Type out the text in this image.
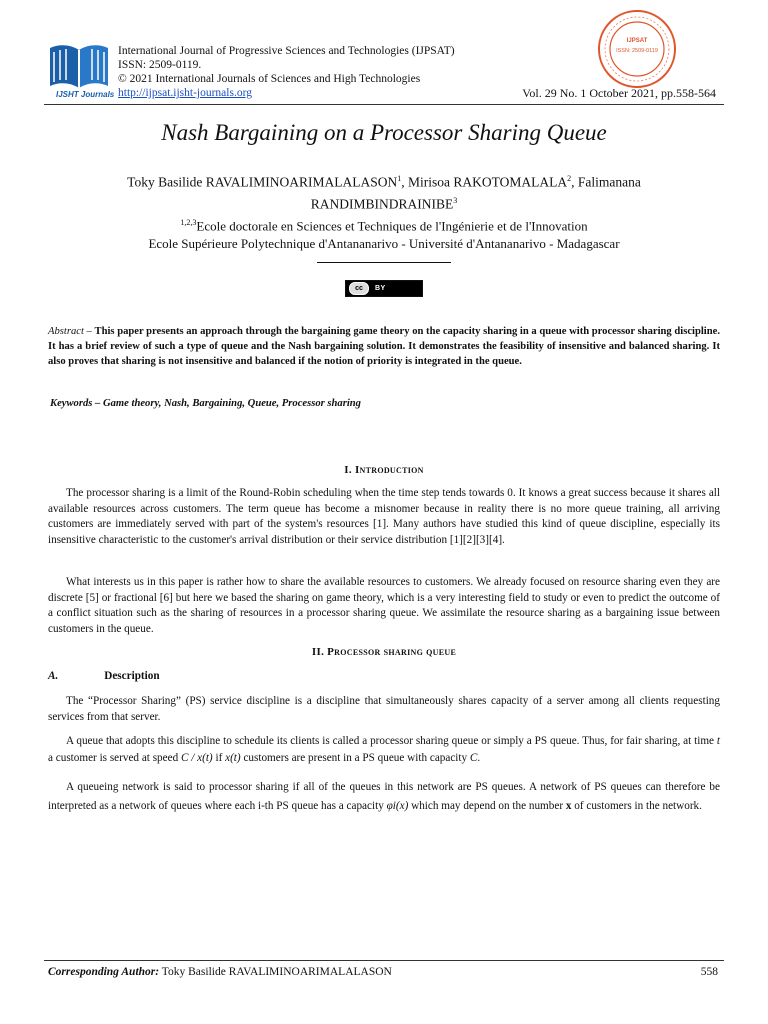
IJSHT Journals
International Journal of Progressive Sciences and Technologies (IJPSAT)
ISSN: 2509-0119.
© 2021 International Journals of Sciences and High Technologies
http://ijpsat.ijsht-journals.org	Vol. 29 No. 1 October 2021, pp.558-564
IJPSAT
ISSN: 2509-0119
Nash Bargaining on a Processor Sharing Queue
Toky Basilide RAVALIMINOARIMALALASON$^1$, Mirisoa RAKOTOMALALA$^2$, Falimanana
RANDIMBINDRAINIBE$^3$
$^{1,2,3}$Ecole doctorale en Sciences et Techniques de l'Ingénierie et de l'Innovation
Ecole Supérieure Polytechnique d'Antananarivo - Université d'Antananarivo - Madagascar
cc	BY
Abstract – This paper presents an approach through the bargaining game theory on the capacity sharing in a queue with processor sharing discipline. It has a brief review of such a type of queue and the Nash bargaining solution. It demonstrates the feasibility of insensitive and balanced sharing. It also proves that sharing is not insensitive and balanced if the notion of priority is integrated in the queue.
Keywords – Game theory, Nash, Bargaining, Queue, Processor sharing
I. Introduction
The processor sharing is a limit of the Round-Robin scheduling when the time step tends towards 0. It knows a great success because it shares all available resources across customers. The term queue has become a misnomer because in reality there is no more queue training, all arriving customers are immediately served with part of the system's resources [1]. Many authors have studied this kind of queue discipline, especially its insensitive characteristic to the customer's arrival distribution or their service distribution [1][2][3][4].
What interests us in this paper is rather how to share the available resources to customers. We already focused on resource sharing even they are discrete [5] or fractional [6] but here we based the sharing on game theory, which is a very interesting field to study or even to predict the outcome of a conflict situation such as the sharing of resources in a processor sharing queue. We assimilate the resource sharing as a bargaining issue between customers in the queue.
II. Processor sharing queue
A.	Description
The “Processor Sharing” (PS) service discipline is a discipline that simultaneously shares capacity of a server among all clients requesting services from that server.
A queue that adopts this discipline to schedule its clients is called a processor sharing queue or simply a PS queue. Thus, for fair sharing, at time t a customer is served at speed C / x(t) if x(t) customers are present in a PS queue with capacity C.
A queueing network is said to processor sharing if all of the queues in this network are PS queues. A network of PS queues can therefore be interpreted as a network of queues where each i-th PS queue has a capacity φi(x) which may depend on the number x of customers in the network.
Corresponding Author: Toky Basilide RAVALIMINOARIMALALASON	558
